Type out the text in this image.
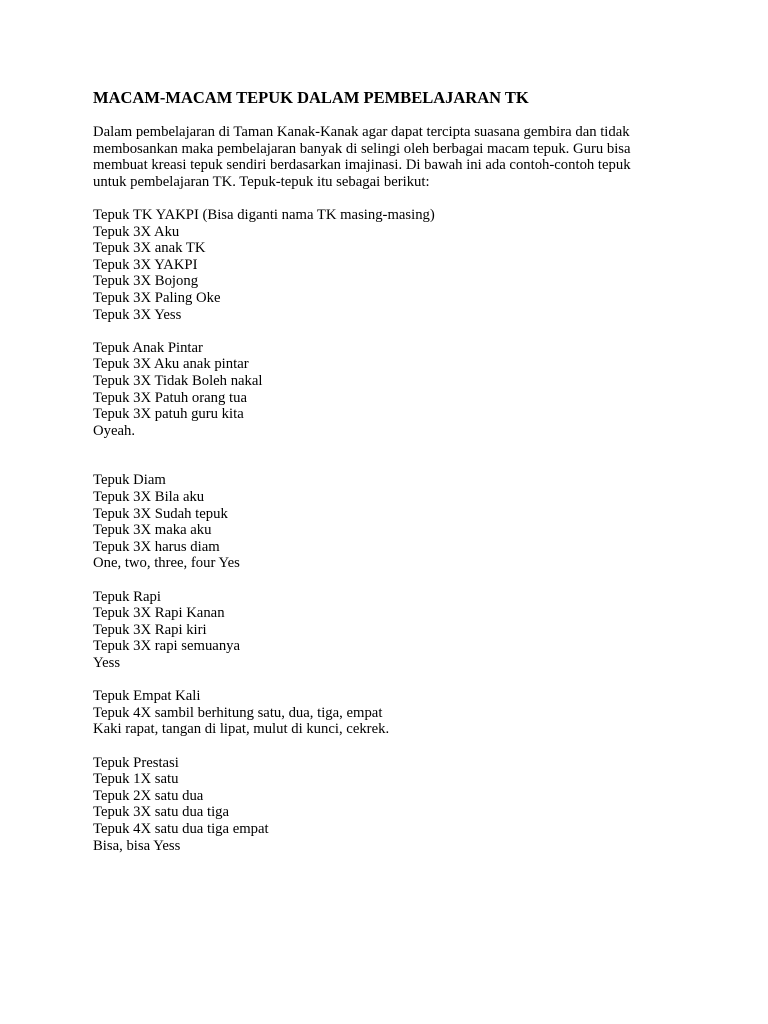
MACAM-MACAM TEPUK DALAM PEMBELAJARAN TK
Dalam pembelajaran di Taman Kanak-Kanak agar dapat tercipta suasana gembira dan tidak
membosankan maka pembelajaran banyak di selingi oleh berbagai macam tepuk. Guru bisa
membuat kreasi tepuk sendiri berdasarkan imajinasi. Di bawah ini ada contoh-contoh tepuk
untuk pembelajaran TK. Tepuk-tepuk itu sebagai berikut:
Tepuk TK YAKPI (Bisa diganti nama TK masing-masing)
Tepuk 3X Aku
Tepuk 3X anak TK
Tepuk 3X YAKPI
Tepuk 3X Bojong
Tepuk 3X Paling Oke
Tepuk 3X Yess
Tepuk Anak Pintar
Tepuk 3X Aku anak pintar
Tepuk 3X Tidak Boleh nakal
Tepuk 3X Patuh orang tua
Tepuk 3X patuh guru kita
Oyeah.
Tepuk Diam
Tepuk 3X Bila aku
Tepuk 3X Sudah tepuk
Tepuk 3X maka aku
Tepuk 3X harus diam
One, two, three, four Yes
Tepuk Rapi
Tepuk 3X Rapi Kanan
Tepuk 3X Rapi kiri
Tepuk 3X rapi semuanya
Yess
Tepuk Empat Kali
Tepuk 4X sambil berhitung satu, dua, tiga, empat
Kaki rapat, tangan di lipat, mulut di kunci, cekrek.
Tepuk Prestasi
Tepuk 1X satu
Tepuk 2X satu dua
Tepuk 3X satu dua tiga
Tepuk 4X satu dua tiga empat
Bisa, bisa Yess
